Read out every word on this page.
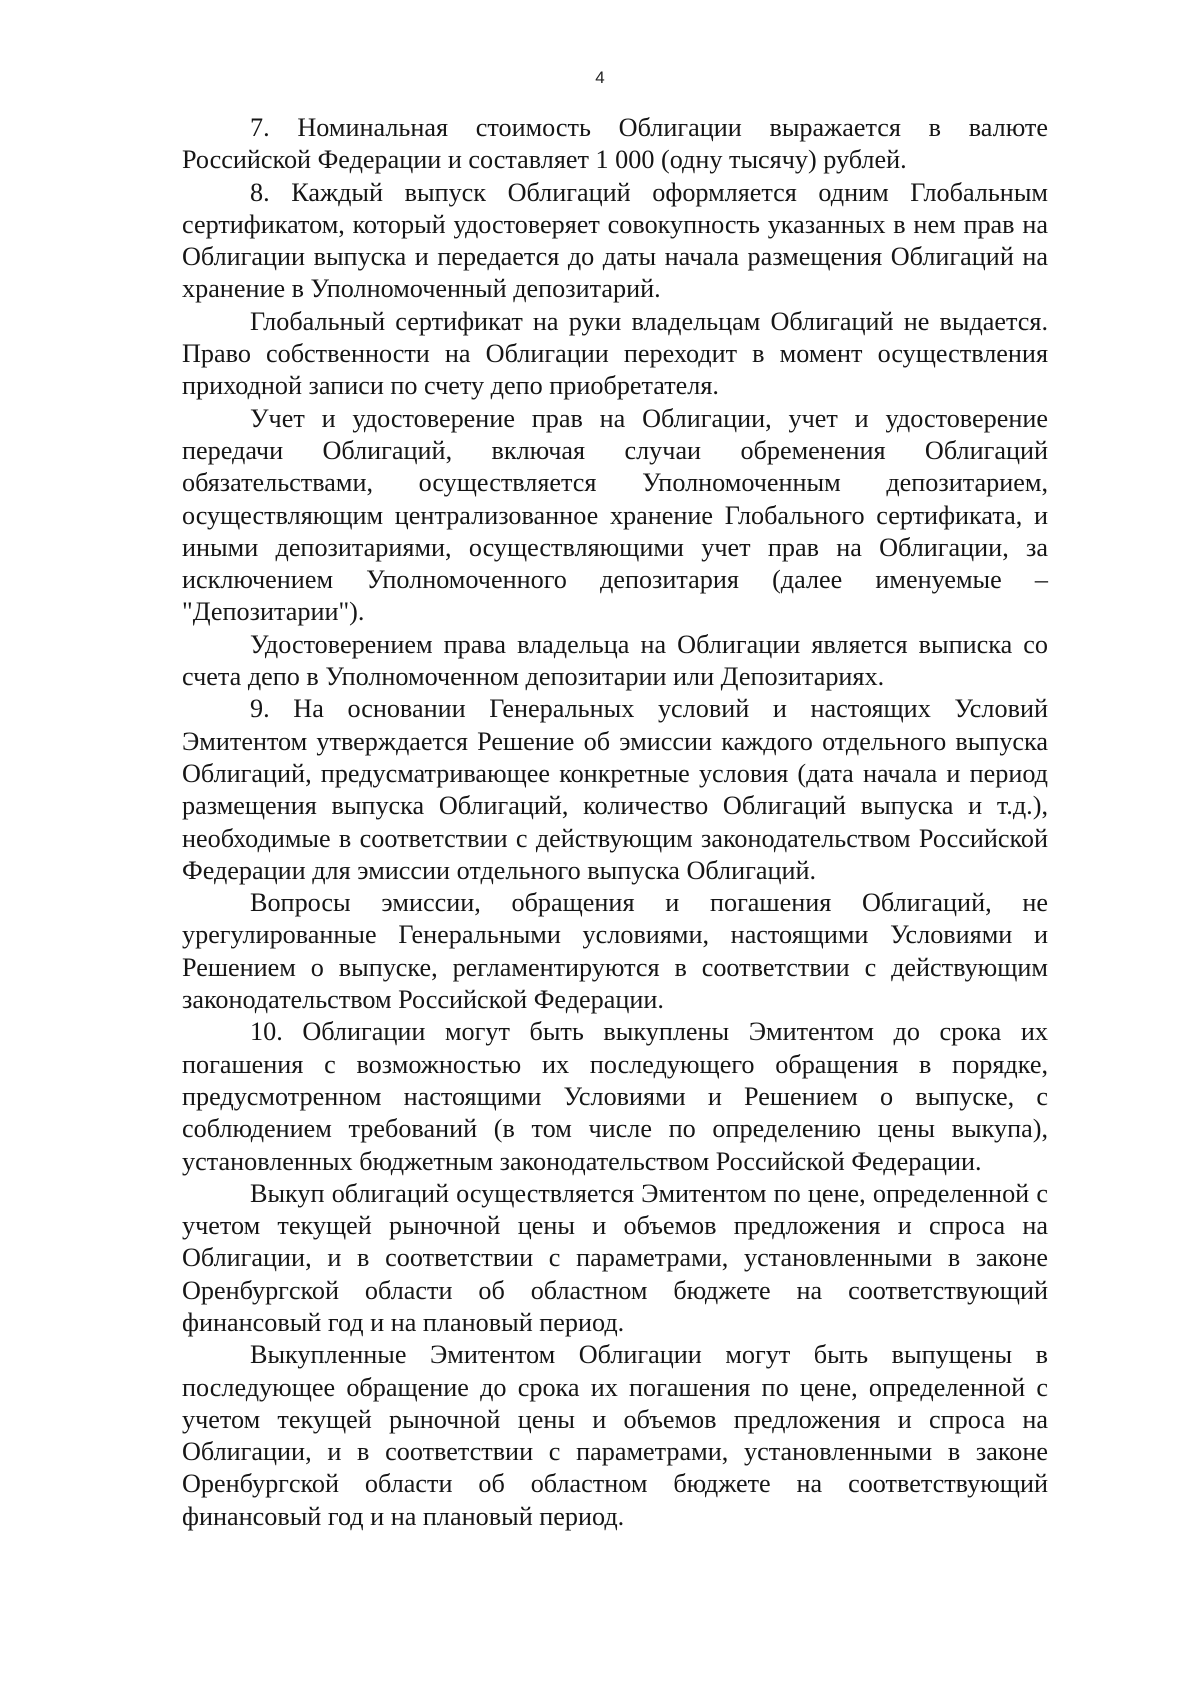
4

7. Номинальная стоимость Облигации выражается в валюте Российской Федерации и составляет 1 000 (одну тысячу) рублей.

8. Каждый выпуск Облигаций оформляется одним Глобальным сертификатом, который удостоверяет совокупность указанных в нем прав на Облигации выпуска и передается до даты начала размещения Облигаций на хранение в Уполномоченный депозитарий.

Глобальный сертификат на руки владельцам Облигаций не выдается. Право собственности на Облигации переходит в момент осуществления приходной записи по счету депо приобретателя.

Учет и удостоверение прав на Облигации, учет и удостоверение передачи Облигаций, включая случаи обременения Облигаций обязательствами, осуществляется Уполномоченным депозитарием, осуществляющим централизованное хранение Глобального сертификата, и иными депозитариями, осуществляющими учет прав на Облигации, за исключением Уполномоченного депозитария (далее именуемые – "Депозитарии").

Удостоверением права владельца на Облигации является выписка со счета депо в Уполномоченном депозитарии или Депозитариях.

9. На основании Генеральных условий и настоящих Условий Эмитентом утверждается Решение об эмиссии каждого отдельного выпуска Облигаций, предусматривающее конкретные условия (дата начала и период размещения выпуска Облигаций, количество Облигаций выпуска и т.д.), необходимые в соответствии с действующим законодательством Российской Федерации для эмиссии отдельного выпуска Облигаций.

Вопросы эмиссии, обращения и погашения Облигаций, не урегулированные Генеральными условиями, настоящими Условиями и Решением о выпуске, регламентируются в соответствии с действующим законодательством Российской Федерации.

10. Облигации могут быть выкуплены Эмитентом до срока их погашения с возможностью их последующего обращения в порядке, предусмотренном настоящими Условиями и Решением о выпуске, с соблюдением требований (в том числе по определению цены выкупа), установленных бюджетным законодательством Российской Федерации.

Выкуп облигаций осуществляется Эмитентом по цене, определенной с учетом текущей рыночной цены и объемов предложения и спроса на Облигации, и в соответствии с параметрами, установленными в законе Оренбургской области об областном бюджете на соответствующий финансовый год и на плановый период.

Выкупленные Эмитентом Облигации могут быть выпущены в последующее обращение до срока их погашения по цене, определенной с учетом текущей рыночной цены и объемов предложения и спроса на Облигации, и в соответствии с параметрами, установленными в законе Оренбургской области об областном бюджете на соответствующий финансовый год и на плановый период.
